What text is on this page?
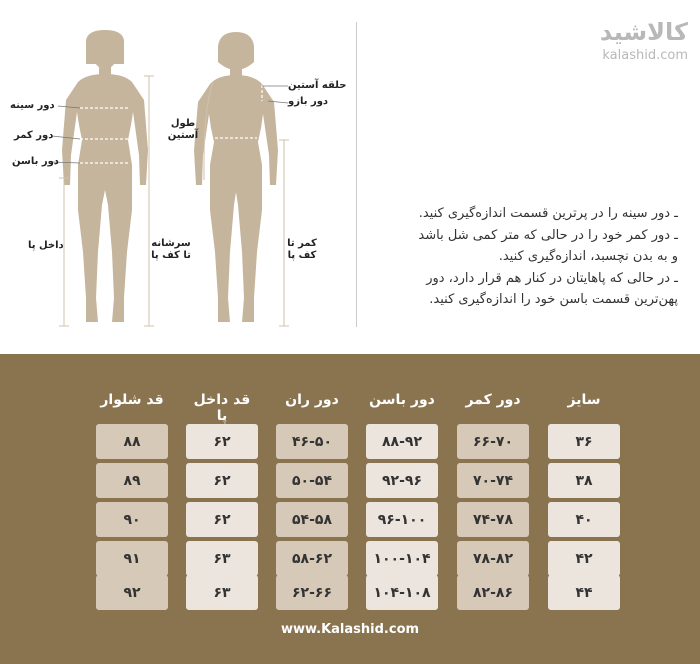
کالاشید
kalashid.com
دور سینه
دور کمر
دور باسن
داخل پا	سرشانه تا کف پا
حلقه آستین
دور بازو
طول آستین
کمر تا کف پا

ـ دور سینه را در پرترین قسمت اندازه‌گیری کنید.

ـ دور کمر خود را در حالی که متر کمی شل باشد

و به بدن نچسبد، اندازه‌گیری کنید.

ـ در حالی که پاهایتان در کنار هم قرار دارد، دور

پهن‌ترین قسمت باسن خود را اندازه‌گیری کنید.

سایز
دور کمر
دور باسن
دور ران
قد داخل پا
قد شلوار
۳۶
۳۸
۴۰
۴۲
۴۴
۶۶-۷۰
۷۰-۷۴
۷۴-۷۸
۷۸-۸۲
۸۲-۸۶
۸۸-۹۲
۹۲-۹۶
۹۶-۱۰۰
۱۰۰-۱۰۴
۱۰۴-۱۰۸
۴۶-۵۰
۵۰-۵۴
۵۴-۵۸
۵۸-۶۲
۶۲-۶۶
۶۲
۶۲
۶۲
۶۳
۶۳
۸۸
۸۹
۹۰
۹۱
۹۲
www.Kalashid.com
